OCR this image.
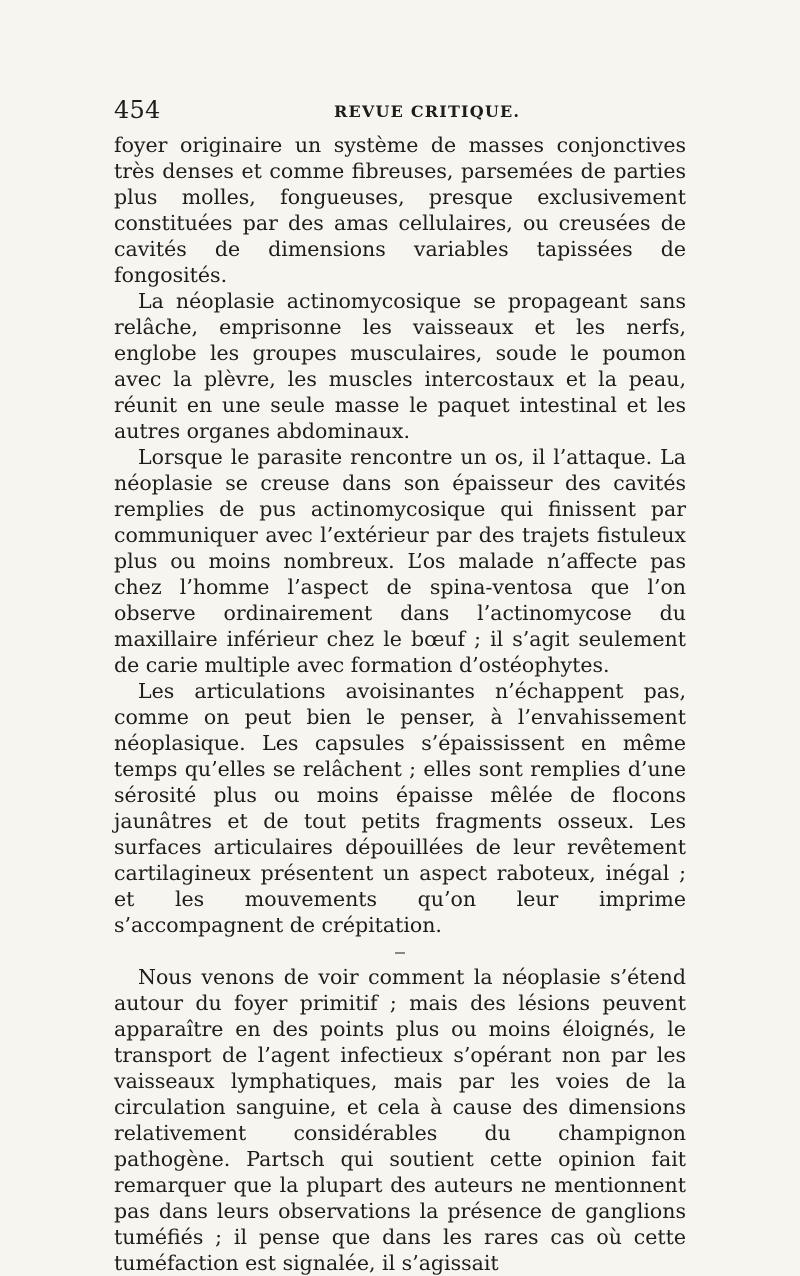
454	REVUE CRITIQUE.

foyer originaire un système de masses conjonctives très denses et comme fibreuses, parsemées de parties plus molles, fongueuses, presque exclusivement constituées par des amas cellulaires, ou creusées de cavités de dimensions variables tapissées de fongosités.

La néoplasie actinomycosique se propageant sans relâche, emprisonne les vaisseaux et les nerfs, englobe les groupes musculaires, soude le poumon avec la plèvre, les muscles intercostaux et la peau, réunit en une seule masse le paquet intestinal et les autres organes abdominaux.

Lorsque le parasite rencontre un os, il l’attaque. La néoplasie se creuse dans son épaisseur des cavités remplies de pus actinomycosique qui finissent par communiquer avec l’extérieur par des trajets fistuleux plus ou moins nombreux. L’os malade n’affecte pas chez l’homme l’aspect de spina-ventosa que l’on observe ordinairement dans l’actinomycose du maxillaire inférieur chez le bœuf ; il s’agit seulement de carie multiple avec formation d’ostéophytes.

Les articulations avoisinantes n’échappent pas, comme on peut bien le penser, à l’envahissement néoplasique. Les capsules s’épaississent en même temps qu’elles se relâchent ; elles sont remplies d’une sérosité plus ou moins épaisse mêlée de flocons jaunâtres et de tout petits fragments osseux. Les surfaces articulaires dépouillées de leur revêtement cartilagineux présentent un aspect raboteux, inégal ; et les mouvements qu’on leur imprime s’accompagnent de crépitation.

Nous venons de voir comment la néoplasie s’étend autour du foyer primitif ; mais des lésions peuvent apparaître en des points plus ou moins éloignés, le transport de l’agent infectieux s’opérant non par les vaisseaux lymphatiques, mais par les voies de la circulation sanguine, et cela à cause des dimensions relativement considérables du champignon pathogène. Partsch qui soutient cette opinion fait remarquer que la plupart des auteurs ne mentionnent pas dans leurs observations la présence de ganglions tuméfiés ; il pense que dans les rares cas où cette tuméfaction est signalée, il s’agissait
